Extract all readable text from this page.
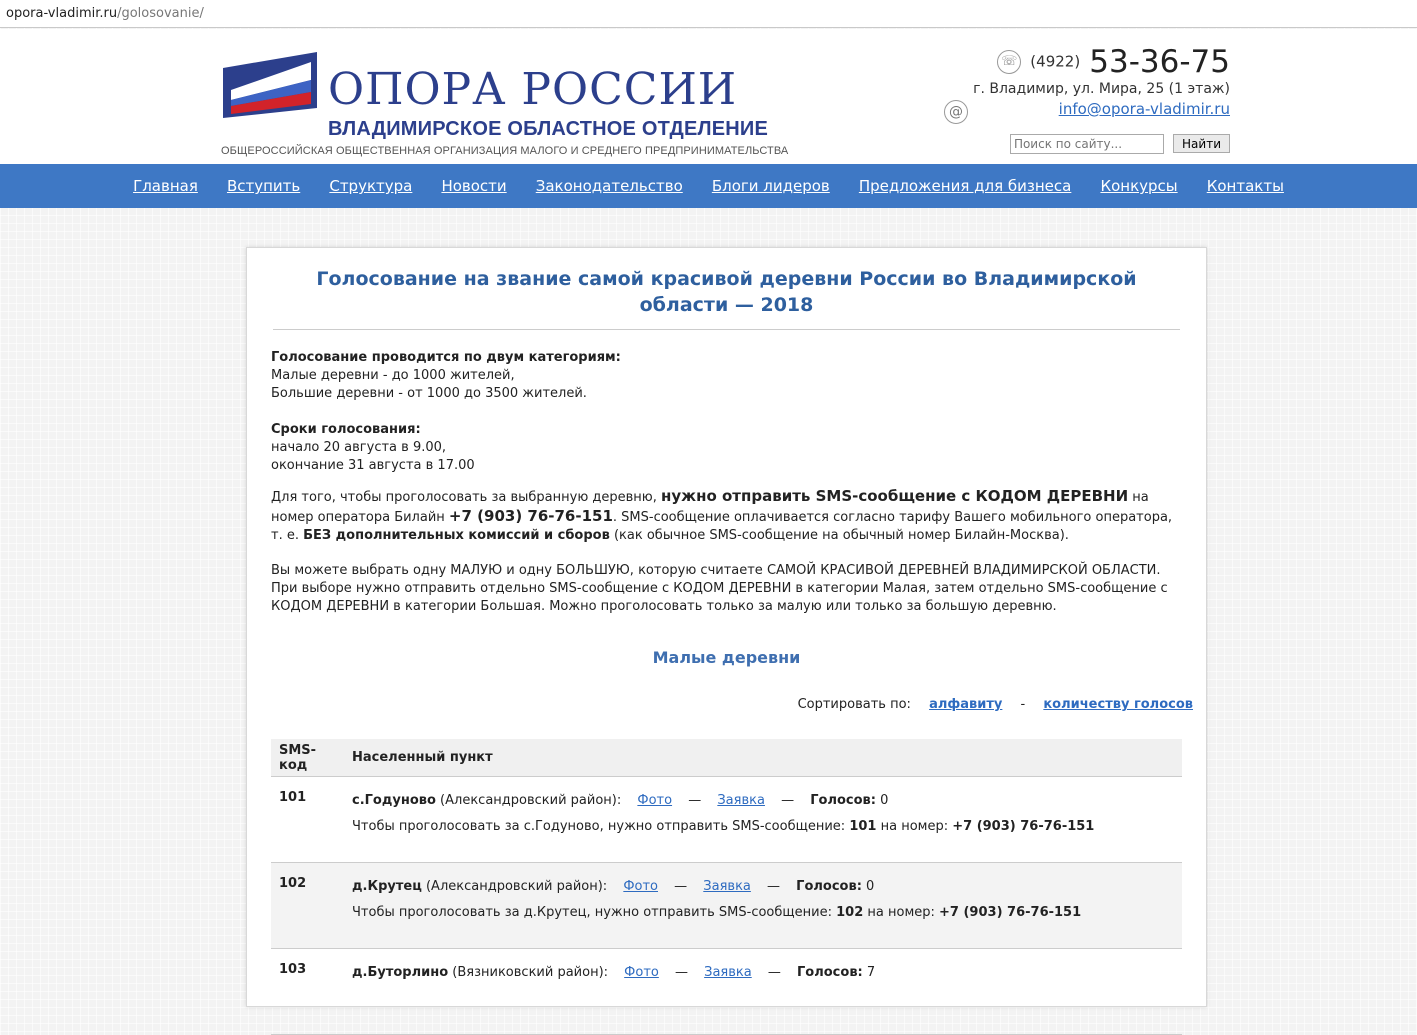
opora-vladimir.ru/golosovanie/
ОПОРА РОССИИ
ВЛАДИМИРСКОЕ ОБЛАСТНОЕ ОТДЕЛЕНИЕ
ОБЩЕРОССИЙСКАЯ ОБЩЕСТВЕННАЯ ОРГАНИЗАЦИЯ МАЛОГО И СРЕДНЕГО ПРЕДПРИНИМАТЕЛЬСТВА
☏ (4922) 53-36-75
г. Владимир, ул. Мира, 25 (1 этаж)
@	info@opora-vladimir.ru
Поиск по сайту... Найти
Главная Вступить Структура Новости Законодательство Блоги лидеров Предложения для бизнеса Конкурсы Контакты
Голосование на звание самой красивой деревни России во Владимирской области — 2018

Голосование проводится по двум категориям:
Малые деревни - до 1000 жителей,
Большие деревни - от 1000 до 3500 жителей.

Сроки голосования:
начало 20 августа в 9.00,
окончание 31 августа в 17.00

Для того, чтобы проголосовать за выбранную деревню, нужно отправить SMS-сообщение с КОДОМ ДЕРЕВНИ на номер оператора Билайн +7 (903) 76-76-151. SMS-сообщение оплачивается согласно тарифу Вашего мобильного оператора, т. е. БЕЗ дополнительных комиссий и сборов (как обычное SMS-сообщение на обычный номер Билайн-Москва).

Вы можете выбрать одну МАЛУЮ и одну БОЛЬШУЮ, которую считаете САМОЙ КРАСИВОЙ ДЕРЕВНЕЙ ВЛАДИМИРСКОЙ ОБЛАСТИ. При выборе нужно отправить отдельно SMS-сообщение с КОДОМ ДЕРЕВНИ в категории Малая, затем отдельно SMS-сообщение с КОДОМ ДЕРЕВНИ в категории Большая. Можно проголосовать только за малую или только за большую деревню.

Малые деревни
Сортировать по: алфавиту - количеству голосов
SMS-код	Населенный пункт
101	с.Годуново (Александровский район): Фото — Заявка — Голосов: 0
Чтобы проголосовать за с.Годуново, нужно отправить SMS-сообщение: 101 на номер: +7 (903) 76-76-151

102	д.Крутец (Александровский район): Фото — Заявка — Голосов: 0
Чтобы проголосовать за д.Крутец, нужно отправить SMS-сообщение: 102 на номер: +7 (903) 76-76-151

103	д.Буторлино (Вязниковский район): Фото — Заявка — Голосов: 7
